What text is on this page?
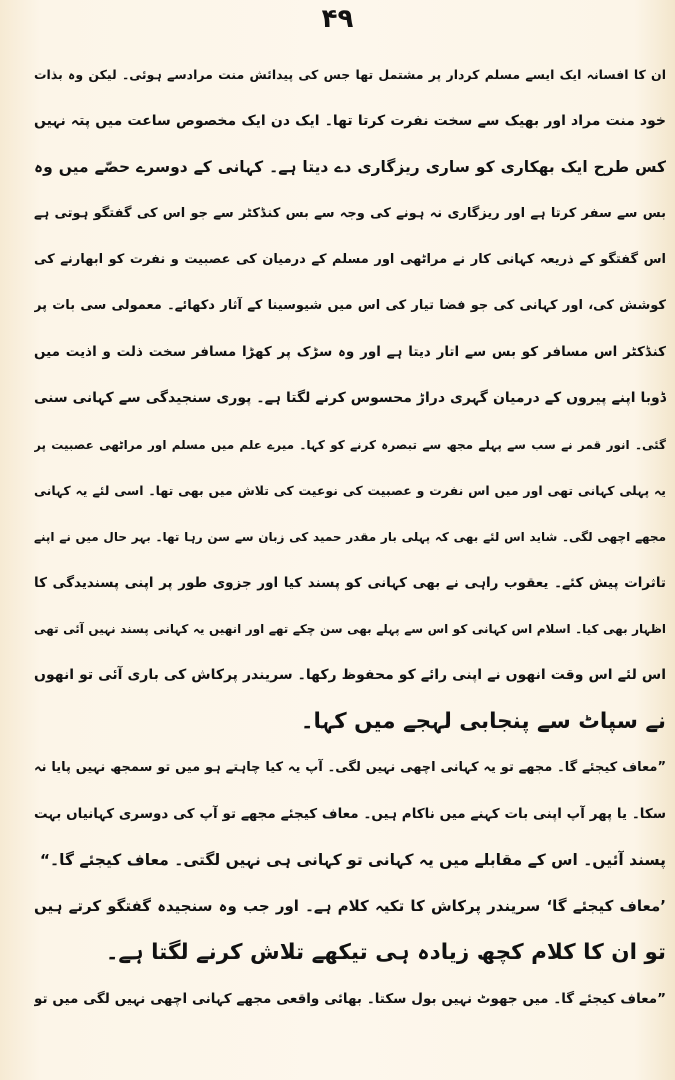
۴۹
ان کا افسانہ ایک ایسے مسلم کردار پر مشتمل تھا جس کی پیدائش منت مرادسے ہوئی۔ لیکن وہ بذات
خود منت مراد اور بھیک سے سخت نفرت کرتا تھا۔ ایک دن ایک مخصوص ساعت میں پتہ نہیں
کس طرح ایک بھکاری کو ساری ریزگاری دے دیتا ہے۔ کہانی کے دوسرے حصّے میں وہ
بس سے سفر کرتا ہے اور ریزگاری نہ ہونے کی وجہ سے بس کنڈکٹر سے جو اس کی گفتگو ہوتی ہے
اس گفتگو کے ذریعہ کہانی کار نے مراٹھی اور مسلم کے درمیان کی عصبیت و نفرت کو ابھارنے کی
کوشش کی، اور کہانی کی جو فضا تیار کی اس میں شیوسینا کے آثار دکھائے۔ معمولی سی بات پر
کنڈکٹر اس مسافر کو بس سے اتار دیتا ہے اور وہ سڑک پر کھڑا مسافر سخت ذلت و اذیت میں
ڈوبا اپنے پیروں کے درمیان گہری دراڑ محسوس کرنے لگتا ہے۔ پوری سنجیدگی سے کہانی سنی
گئی۔ انور قمر نے سب سے پہلے مجھ سے تبصرہ کرنے کو کہا۔ میرے علم میں مسلم اور مراٹھی عصبیت پر
یہ پہلی کہانی تھی اور میں اس نفرت و عصبیت کی نوعیت کی تلاش میں بھی تھا۔ اسی لئے یہ کہانی
مجھے اچھی لگی۔ شاید اس لئے بھی کہ پہلی بار مقدر حمید کی زبان سے سن رہا تھا۔ بہر حال میں نے اپنے
تاثرات پیش کئے۔ یعقوب راہی نے بھی کہانی کو پسند کیا اور جزوی طور پر اپنی پسندیدگی کا
اظہار بھی کیا۔ اسلام اس کہانی کو اس سے پہلے بھی سن چکے تھے اور انھیں یہ کہانی پسند نہیں آئی تھی
اس لئے اس وقت انھوں نے اپنی رائے کو محفوظ رکھا۔ سریندر پرکاش کی باری آئی تو انھوں
نے سپاٹ سے پنجابی لہجے میں کہا۔
”معاف کیجئے گا۔ مجھے تو یہ کہانی اچھی نہیں لگی۔ آپ یہ کیا چاہتے ہو میں تو سمجھ نہیں پایا نہ
سکا۔ یا پھر آپ اپنی بات کہنے میں ناکام ہیں۔ معاف کیجئے مجھے تو آپ کی دوسری کہانیاں بہت
پسند آئیں۔ اس کے مقابلے میں یہ کہانی تو کہانی ہی نہیں لگتی۔ معاف کیجئے گا۔“
’معاف کیجئے گا‘ سریندر پرکاش کا تکیہ کلام ہے۔ اور جب وہ سنجیدہ گفتگو کرتے ہیں
تو ان کا کلام کچھ زیادہ ہی تیکھے تلاش کرنے لگتا ہے۔
”معاف کیجئے گا۔ میں جھوٹ نہیں بول سکتا۔ بھائی واقعی مجھے کہانی اچھی نہیں لگی میں تو
